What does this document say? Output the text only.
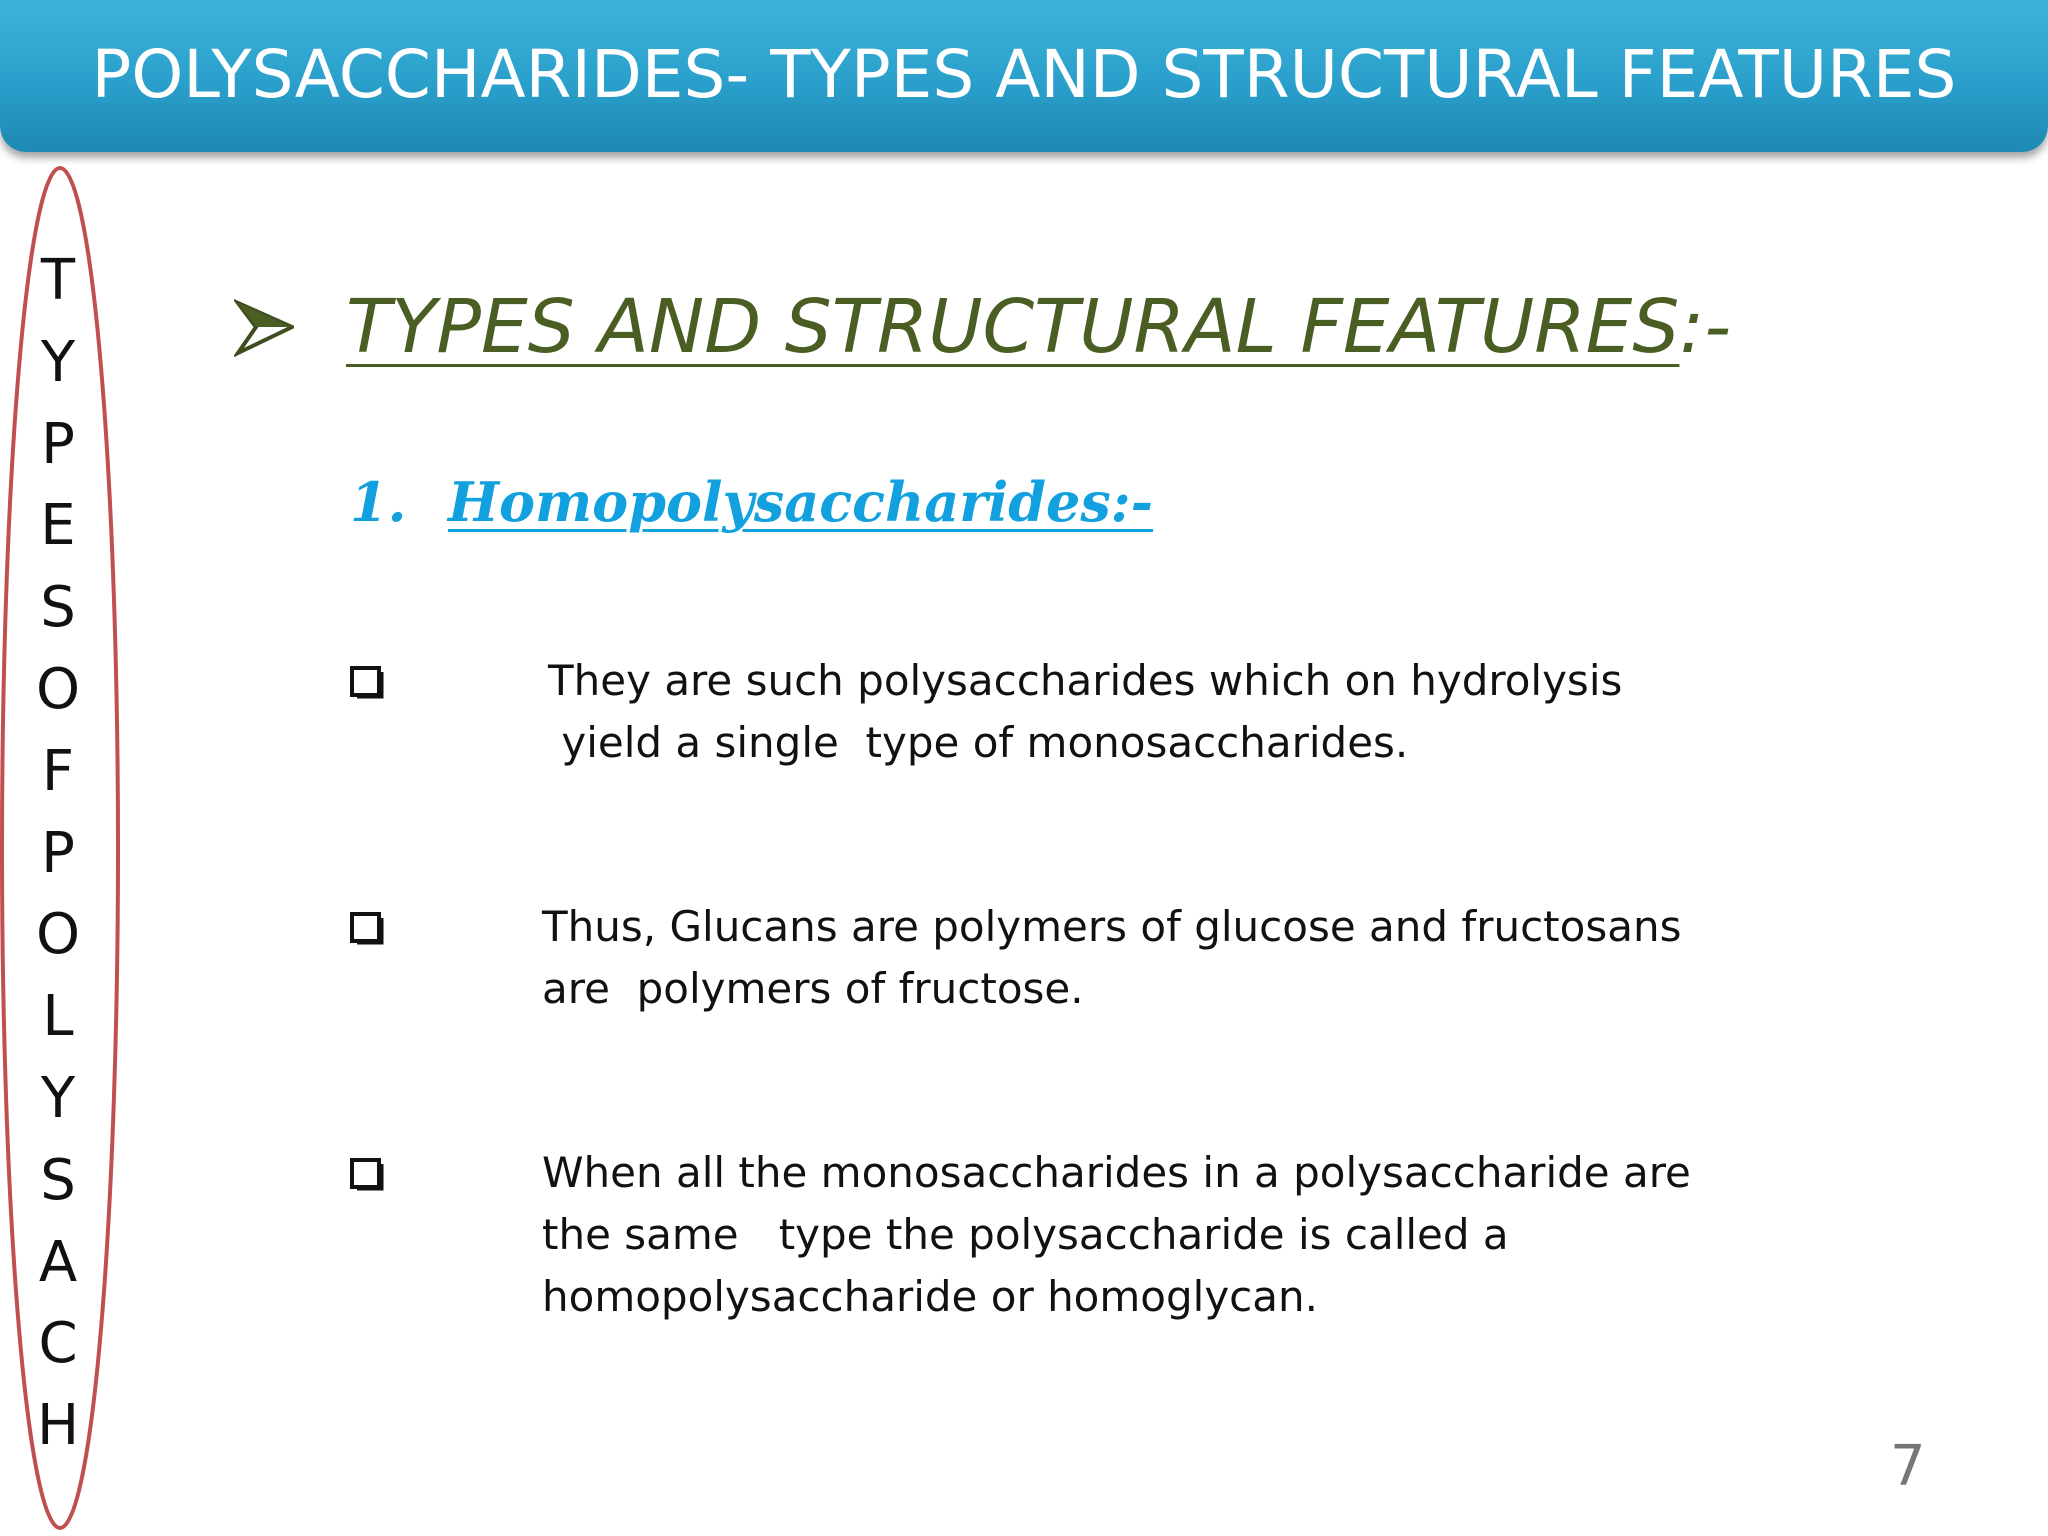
POLYSACCHARIDES- TYPES AND STRUCTURAL FEATURES
T
Y
P
E
S
O
F
P
O
L
Y
S
A
C
H
TYPES AND STRUCTURAL FEATURES :-
1. Homopolysaccharides:-
They are such polysaccharides which on hydrolysis
yield a single  type of monosaccharides.
Thus, Glucans are polymers of glucose and fructosans
are  polymers of fructose.
When all the monosaccharides in a polysaccharide are
the same   type the polysaccharide is called a
homopolysaccharide or homoglycan.
7
